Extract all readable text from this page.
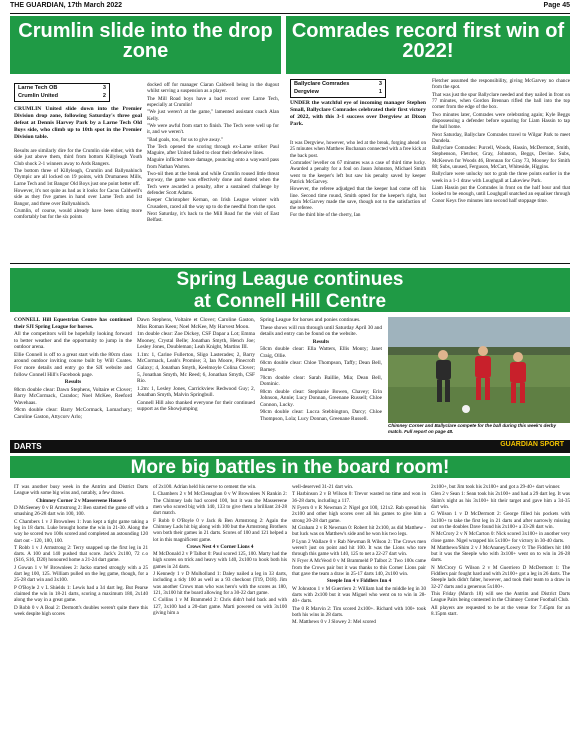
THE GUARDIAN, 17th March 2022	Page 45
Crumlin slide into the drop zone
Larne Tech OB	3
Crumlin United	2
CRUMLIN United slide down into the Premier Division drop zone, following Saturday's three goal defeat at Dennis Harvey Park by a Larne Tech Old Boys side, who climb up to 10th spot in the Premier Division table.

Results are similarly dire for the Crumlin side either, with the side just above them, third from bottom Killyleagh Youth Club shock 2-1 winners away to Ards Rangers.

The bottom three of Killyleagh, Crumlin and Ballynahinch Olympic are all locked on 19 points, with Drumaness Mills, Larne Tech and 1st Bangor Old Boys just one point better off.

However, it's not quite as bad as it looks for Cacus Caldwell's side as they five games in hand over Larne Tech and 1st Bangor, and three over Ballynahinch.

Crumlin, of course, would already have been sitting more comfortably but for the six points

docked off for manager Ciaran Caldwell being in the dugout whilst serving a suspension as a player.

The Mill Road boys have a bad record over Larne Tech, especially at Crumlin!

"We just weren't at the game," lamented assistant coach Alan Kelly.

"We were awful from start to finish. The Tech were well up for it, and we weren't.

"Bad goals, too, for us to give away."

The Tech opened the scoring through ex-Larne striker Paul Maguire, after United failed to clear their defensive lines.

Maguire inflicted more damage, pouncing onto a wayward pass from Nathan Warren.

Two-nil then at the break and while Crumlin roused little threat anyway, the game was effectively done and dusted when the Tech were awarded a penalty, after a sustained challenge by defender Scott Adams.

Keeper Christopher Kernan, on Irish League winner with Crusaders, raced all the way up to do the needful from the spot.

Next Saturday, it's back to the Mill Road for the visit of East Belfast.

Comrades record first win of 2022!
Ballyclare Comrades	3
Dergview	1
UNDER the watchful eye of incoming manager Stephen Small, Ballyclare Comrades celebrated their first victory of 2022, with this 3-1 success over Dergview at Dixon Park.

It was Dergview, however, who led at the break, forging ahead on 25 minutes when Matthew Buchanan connected with a free kick at the back post.

Comrades' leveller on 67 minutes was a case of third time lucky. Awarded a penalty for a foul on Jason Johnston, Michael Smith went to the keeper's left but saw his penalty saved by keeper Patrick McGarvey.

However, the referee adjudged that the keeper had come off his line. Second time round, Smith opted for the keeper's right, but again McGarvey made the save, though not to the satisfaction of the referee.

For the third bite of the cherry, Ian

Fletcher assumed the responsibility, giving McGarvey no chance from the spot.

That was just the spur Ballyclare needed and they nailed in front on 77 minutes, when Gordon Brennan rifled the ball into the top corner from the edge of the box.

Two minutes later, Comrades were celebrating again; Kyle Beggs dispossessing a defender before squaring for Liam Hassin to tap the ball home.

Next Saturday, Ballyclare Comrades travel to Wilgar Park to meet Dundela.

Ballyclare Comrades: Purcell, Woods, Hassin, McDermott, Smith, Stephenson, Fletcher, Gray, Johnston, Beggs, Devine. Subs, McKeown for Woods 46, Brennan for Gray 73, Mooney for Smith 88; Subs, unused, Ferguson, McCart, Whiteside, Higgins.

Ballyclare were unlucky not to grab the three points earlier in the week in a 1-1 draw with Loughgall at Lakeview Park.

Liam Hassin put the Comrades in front on the half hour and that looked to be enough, until Loughgall snatched an equaliser through Conor Keys five minutes into second half stoppage time.

Spring League continues
at Connell Hill Centre

CONNELL Hill Equestrian Centre has continued their SJI Spring League for horses.

All the competitors will be hopefully looking forward to better weather and the opportunity to jump in the outdoor arena.

Ellie Connell is off to a great start with the 80cm class around outdoor inviting course built by Will Coates. For more details and entry go the SJI website and follow Connell Hill's Facebook page.

Results

80cm double clear: Dawn Stephens, Voltaire et Clover; Barry McCormack, Caradoc; Noel McKee, Reeford Wavehaas.

90cm double clear: Barry McCormack, Lomachary; Caroline Gaston, Attycorv Arlo;

Dawn Stephens, Voltaire et Clover; Caroline Gaston, Miss Roman Keen; Noel McKee, My Harvest Moon.

1m double clear: Zoe Dickey, CSF Dapar a Lot; Emma Mooney, Crystal Belle; Jonathan Smyth, Hench Joe; Lesley Jones, Doubleman; Leah Knight, Martins III.

1.1m: 1, Carine Fullerton, Sligo Lasterades; 2, Barry McCormack, Leah's Promise; 3, Ian Moore, Pinecroft Galaxy; 4, Jonathan Smyth, Keelmoyle Colina Clover; 5, Jonathan Smyth, Mc Reed; 6, Jonathan Smyth, CSF Rio.

1.2m: 1, Lesley Jones, Carrickview Redwood Guy; 2, Jonathan Smyth, Malvin Springbull.

Connell Hill also thanked everyone for their continued support as the Showjumping

Spring League for horses and ponies continues.

These shows will run through until Saturday April 30 and details and entry can be found on the website.

Results

50cm double clear: Ella Watters, Ellis Monty; Janet Craig, Ollie.

60cm double clear: Chloe Thompson, Taffy; Dean Bell, Barney.

70cm double clear: Sarah Baillie, Mia; Dean Bell, Dominic.

80cm double clear: Stephanie Bowen, Chavey; Erin Johnson, Annie; Lucy Donnan, Greenane Russell; Chloe Connon, Lucky.

90cm double clear: Lucca Stebbington, Darcy; Chloe Thompson, Lola; Lucy Donnan, Greenane Russell.

Chimney Corner and Ballyclare compete for the ball during this week's derby match. Full report on page 48.
DARTS	GUARDIAN SPORT
More big battles in the board room!

IT was another busy week in the Antrim and District Darts League with some big wins and, notably, a few draws.

Chimney Corner 2 v Massereene House 6

D McSeeney 0 v B Armstrong 2: Ben started the game off with a smashing 26-28 dart win 100, 100.

C Chambers 1 v J Brownlees 1: Ivan kept a tight game taking a leg in 18 darts. Luke brought home the win in 21-30. Along the way he scored two 100s scored and completed an astounding 120 dart out - 120, 180, 100.

T Robb 1 v J Armstrong 2: Terry snapped up the first leg in 21 darts. A 100 and 140 pushed that score. Jack's 2x100, 72 c.o (S16, S16, D20) honoured home a 21-24 dart game.

J Gowan 1 v W Brownlees 2: Jacko started strongly with a 25 dart leg 100, 125. William pulled on the leg game, though, for a 25-28 dart win and 3x100.

P O'Boyle 2 v L Shields 1: Lewis had a 34 dart leg. But Pearse claimed the win in 18-21 darts, scoring a maximum 180, 2x140 along the way in a great game.

D Robb 0 v A Boal 2: Dermott's doubles weren't quite there this week despite high scores

of 2x100. Adrian held his nerve to cement the win.

L Chambers 2 v M McClenaghan 0 v W Brownlees N Rankin 2: The Chimney lads had scored 100, but it was the Massereene men who scored big with 140, 133 to give them a brilliant 24-28 dart match.

F Robb 0 O'Boyle 0 v Jack & Ben Armstrong 2: Again the Chimney Lads hit big along with 100 but the Armstrong Brothers won both their games in 21 darts. Scores of 100 and 121 helped a lot in this magnificent game.

Crows Nest 4 v Corner Lions 4

M McDonald 2 v P Talbot 0: Paul scored 125, 100. Marty had the high scores on trick and heavy with 140, 2x100 to hook both his games in 24 darts.

J Kennedy 1 v D Mulholland 1: Daley nailed a leg in 33 darts, including a tidy 100 as well as a 93 checkout (T19, D18). Jim was another Crows man who was hero's with the scores as 180, 121, 3x100 hit the board allowing for a 30-22 dart game.

C Collins 1 v M Brammeld 2: Chris didn't hold back and with 127, 3x100 had a 20-dart game. Marti powered on with 3x100 giving him a

well-deserved 31-21 dart win.

T Harbinson 2 v B Wilson 0: Trevor wasted no time and won in 36-28 darts, including a 117.

N Fyern 0 v R Newman 2: Nigel got 100, 121x2. Rab spread his 2x100 and other high scores over all his games to give him a strong 20-28 dart game.

M Graham 2 v R Newman 0: Robert hit 2x100, as did Matthew - but luck was on Matthew's side and he won his two legs.

P Lynn 2 Wallace 0 v Rab Newman R Wilson 2: The Crows men weren't just on point and hit 100. It was the Lions who tore through this game with 140, 125 to net a 22-27 dart win.

N Fryer A McVeod 0 v M Brammeld P Talbot 2: Two 100s came from the Crows pair but it was thanks to this Corner Lions pair that gave the team a draw in 25-17 darts 140, 2x100 win.

Steeple Inn 4 v Fiddlers Inn 4

W Johnston 1 v M Guerriero 2: William had the middle leg in 30 darts with 2x100 but it was Miguel who went on to win in 28-40+ darts.

The 0 R Marvin 2: Tim scored 2x100+. Richard with 100+ took both his wins in 28 darts.

M. Matthews 0 v J Slowey 2: Mel scored

2x100+, but Jim took his 2x100+ and got a 29-40+ dart winner.

Glen 2 v Sean 1: Sean took his 2x100+ and had a 29 dart leg. It was Shim's night as his 3x100+ hit their target and gave him a 34-35 dart win.

G Wilson 1 v D McDermott 2: George filled his pockets with 3x100+ to take the first leg in 21 darts and after narrowly missing out on the doubles Dave found his 2x100+ a 33-28 dart win.

N McCrory 2 v N McCarton 0: Nick scored 3x100+ in another very close game. Nigel wrapped his 5x100+ for victory in 30-40 darts.

M Matthews/Shim 2 v J McAnaney/Lowry 0: The Fiddlers hit 180 but it was the Steeple who with 3x100+ went on to win in 26-28 darts.

N McCrory G Wilson 2 v M Guerriero D McDermott 1: The Fiddlers pair fought hard and with 2x100+ got a leg in 26 darts. The Steeple lads didn't falter, however, and took their team to a draw in 32-27 darts and a generous 5x100+.

This Friday (March 18) will see the Antrim and District Darts League Pairs being contested in the Chimney Corner Football Club.

All players are requested to be at the venue for 7.45pm for an 8.15pm start.
